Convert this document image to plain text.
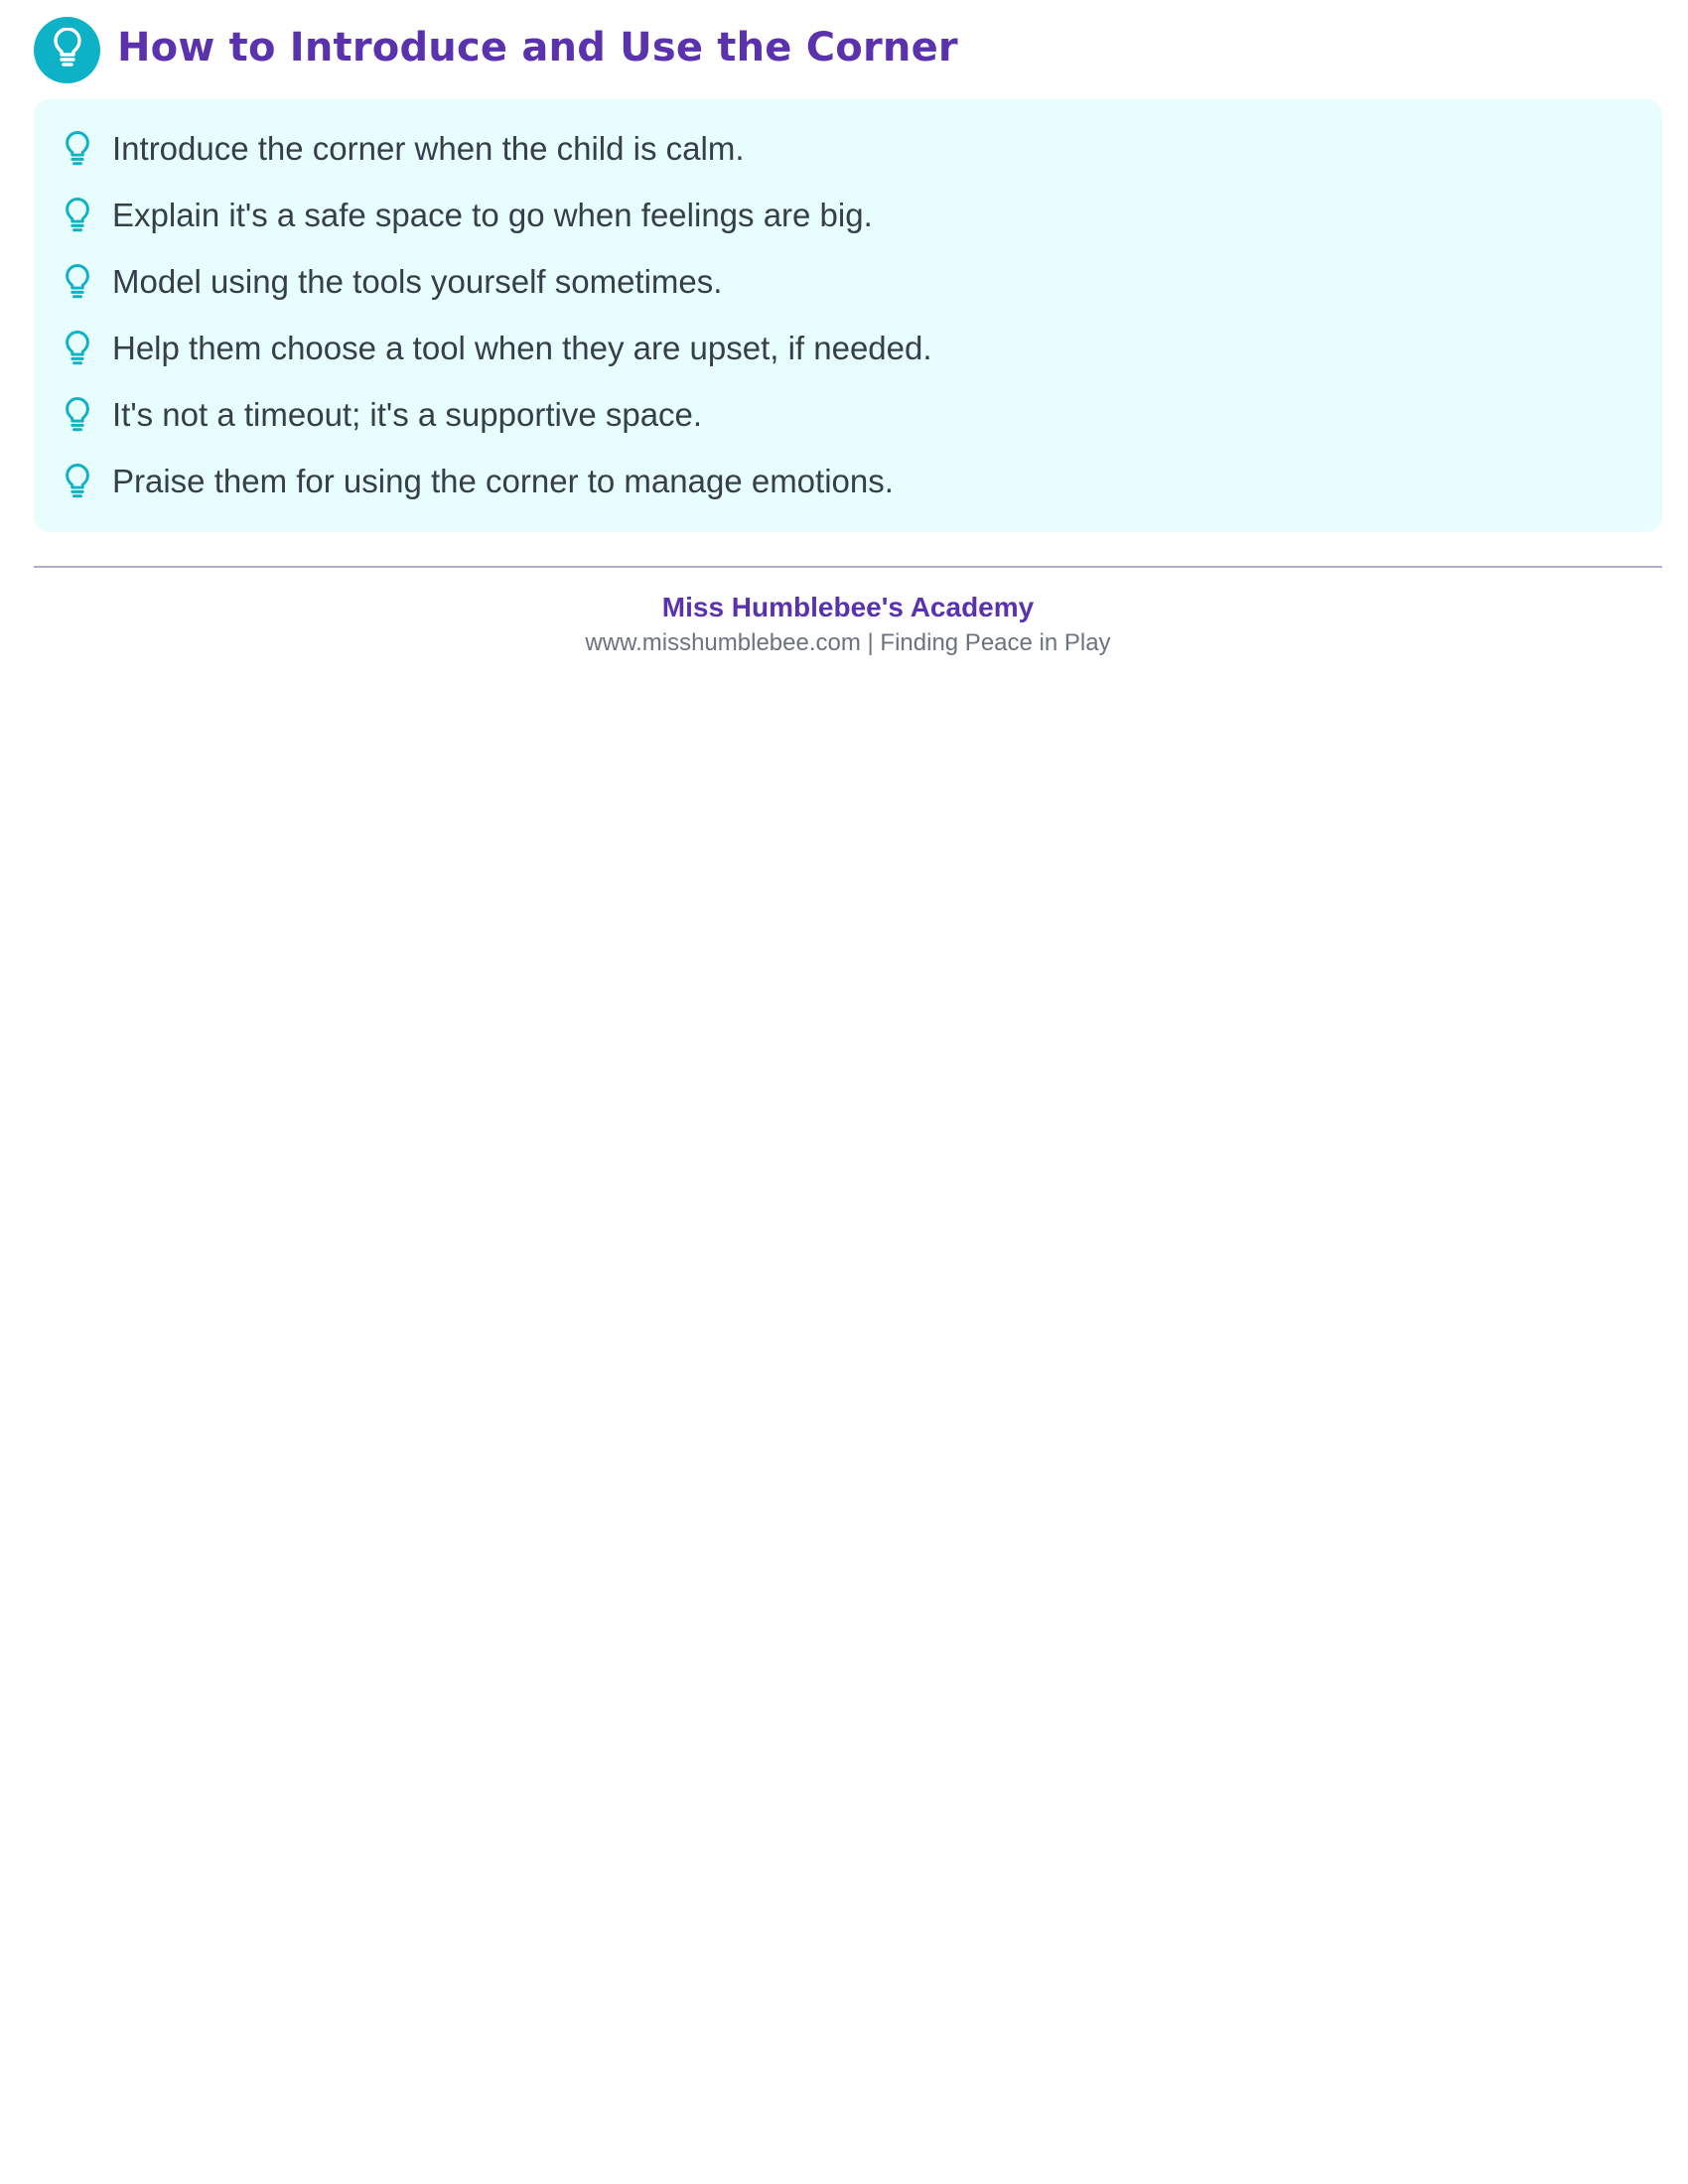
How to Introduce and Use the Corner
Introduce the corner when the child is calm.
Explain it's a safe space to go when feelings are big.
Model using the tools yourself sometimes.
Help them choose a tool when they are upset, if needed.
It's not a timeout; it's a supportive space.
Praise them for using the corner to manage emotions.
Miss Humblebee's Academy
www.misshumblebee.com | Finding Peace in Play
